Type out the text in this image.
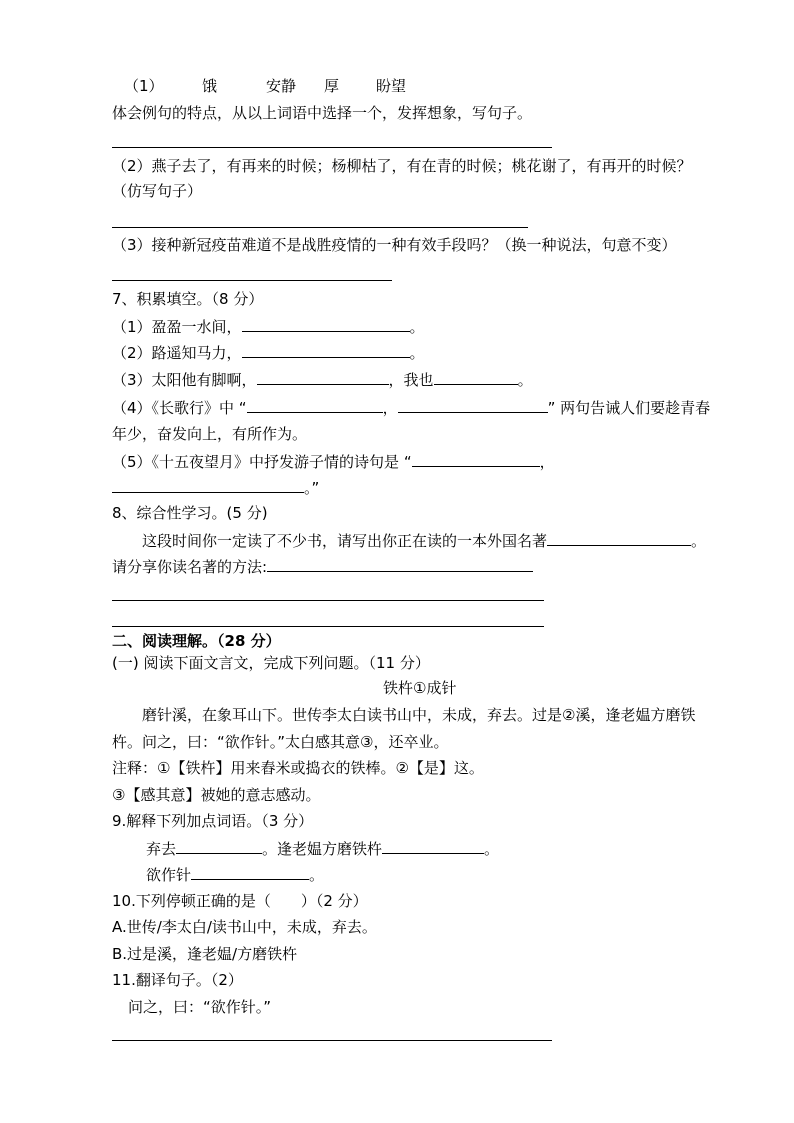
（1）	饿	安静 厚 盼望
体会例句的特点，从以上词语中选择一个，发挥想象，写句子。
（2）燕子去了，有再来的时候；杨柳枯了，有在青的时候；桃花谢了，有再开的时候？
（仿写句子）
（3）接种新冠疫苗难道不是战胜疫情的一种有效手段吗？（换一种说法，句意不变）
7、积累填空。（8 分）
（1）盈盈一水间，	。
（2）路遥知马力，	。
（3）太阳他有脚啊，	，我也	。
（4）《长歌行》中 “	，	” 两句告诫人们要趁青春
年少，奋发向上，有所作为。
（5）《十五夜望月》中抒发游子情的诗句是 “	，
。”
8、综合性学习。(5 分)
这段时间你一定读了不少书，请写出你正在读的一本外国名著	。
请分享你读名著的方法:
二、阅读理解。（28 分）
(一) 阅读下面文言文，完成下列问题。（11 分）
铁杵①成针
磨针溪，在象耳山下。世传李太白读书山中，未成，弃去。过是②溪，逢老媪方磨铁
杵。问之，曰：“欲作针。”太白感其意③，还卒业。
注释：①【铁杵】用来舂米或捣衣的铁棒。②【是】这。
③【感其意】被她的意志感动。
9.解释下列加点词语。（3 分）
弃去	。逢老媪方磨铁杵	。
欲作针	。
10.下列停顿正确的是（　　）（2 分）
A.世传/李太白/读书山中，未成，弃去。
B.过是溪，逢老媪/方磨铁杵
11.翻译句子。（2）
问之，曰：“欲作针。”
